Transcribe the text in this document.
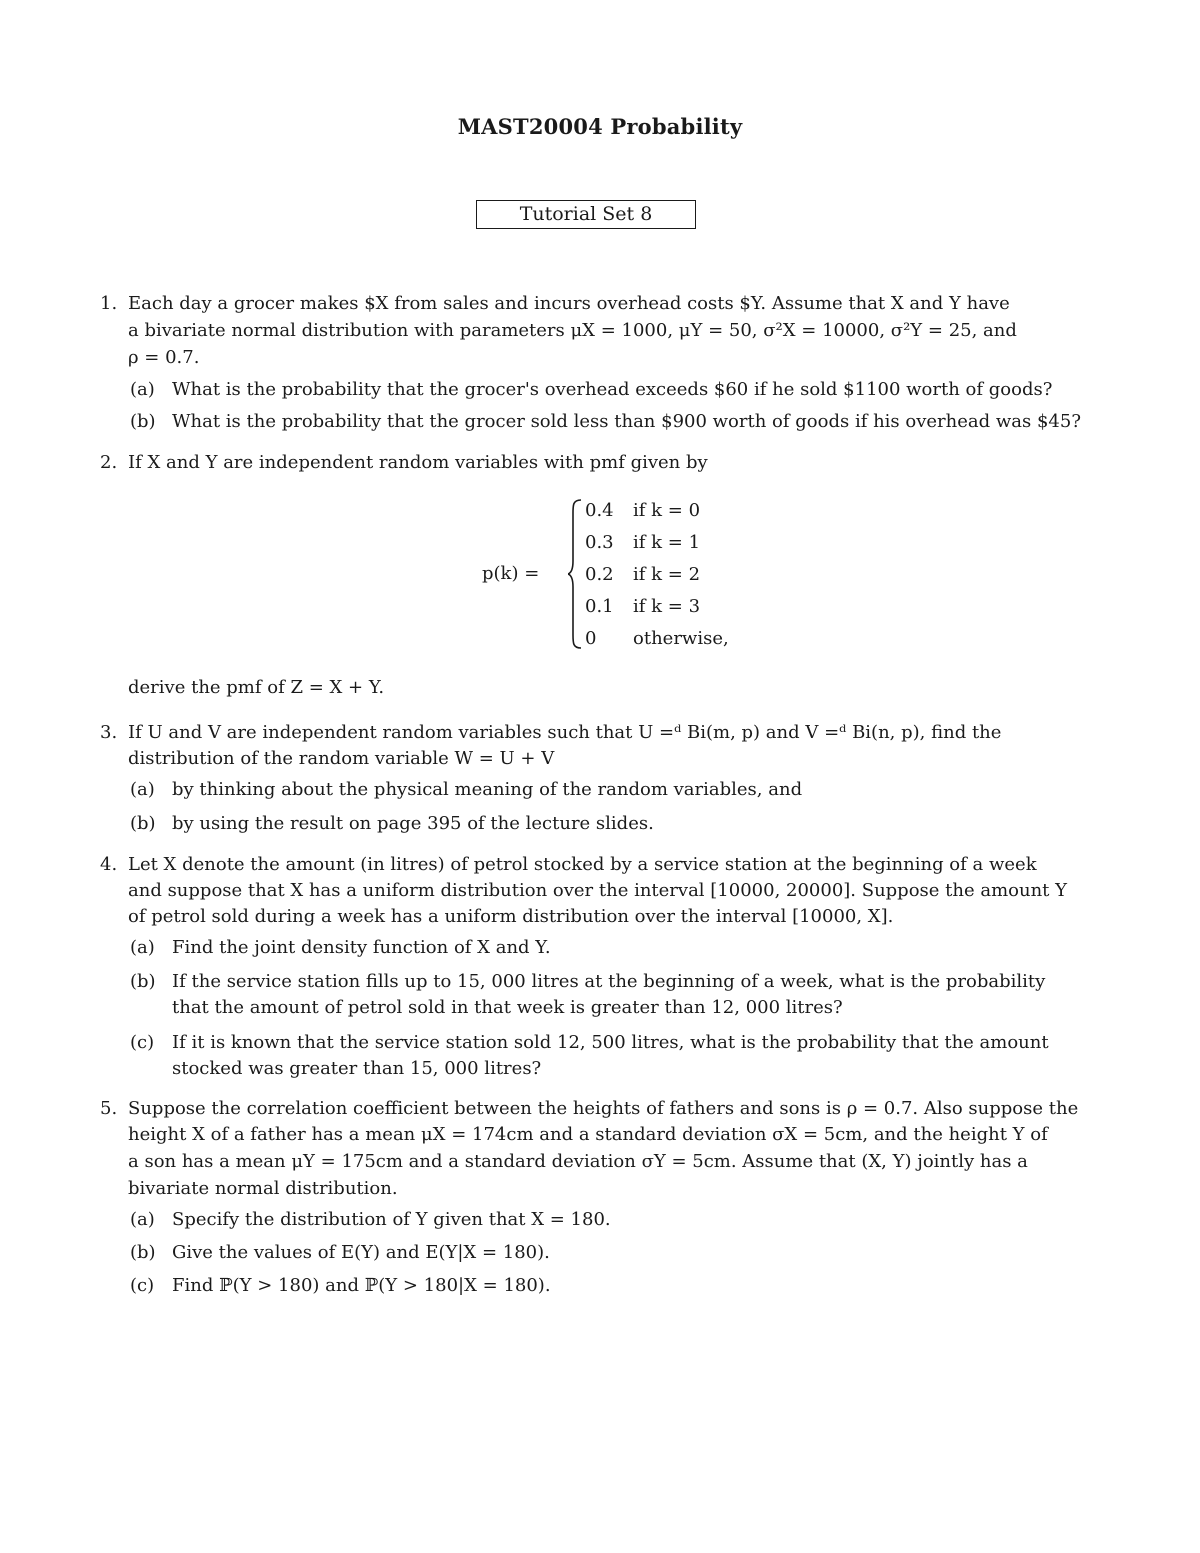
MAST20004 Probability
Tutorial Set 8
1. Each day a grocer makes $X from sales and incurs overhead costs $Y. Assume that X and Y have
a bivariate normal distribution with parameters μX = 1000, μY = 50, σ²X = 10000, σ²Y = 25, and
ρ = 0.7.
(a) What is the probability that the grocer's overhead exceeds $60 if he sold $1100 worth of goods?
(b) What is the probability that the grocer sold less than $900 worth of goods if his overhead was $45?
2. If X and Y are independent random variables with pmf given by
p(k) =
0.4 if k = 0
0.3 if k = 1
0.2 if k = 2
0.1 if k = 3
0 otherwise,
derive the pmf of Z = X + Y.
3. If U and V are independent random variables such that U =ᵈ Bi(m, p) and V =ᵈ Bi(n, p), find the
distribution of the random variable W = U + V
(a) by thinking about the physical meaning of the random variables, and
(b) by using the result on page 395 of the lecture slides.
4. Let X denote the amount (in litres) of petrol stocked by a service station at the beginning of a week
and suppose that X has a uniform distribution over the interval [10000, 20000]. Suppose the amount Y
of petrol sold during a week has a uniform distribution over the interval [10000, X].
(a) Find the joint density function of X and Y.
(b) If the service station fills up to 15, 000 litres at the beginning of a week, what is the probability
that the amount of petrol sold in that week is greater than 12, 000 litres?
(c) If it is known that the service station sold 12, 500 litres, what is the probability that the amount
stocked was greater than 15, 000 litres?
5. Suppose the correlation coefficient between the heights of fathers and sons is ρ = 0.7. Also suppose the
height X of a father has a mean μX = 174cm and a standard deviation σX = 5cm, and the height Y of
a son has a mean μY = 175cm and a standard deviation σY = 5cm. Assume that (X, Y) jointly has a
bivariate normal distribution.
(a) Specify the distribution of Y given that X = 180.
(b) Give the values of E(Y) and E(Y|X = 180).
(c) Find ℙ(Y > 180) and ℙ(Y > 180|X = 180).
